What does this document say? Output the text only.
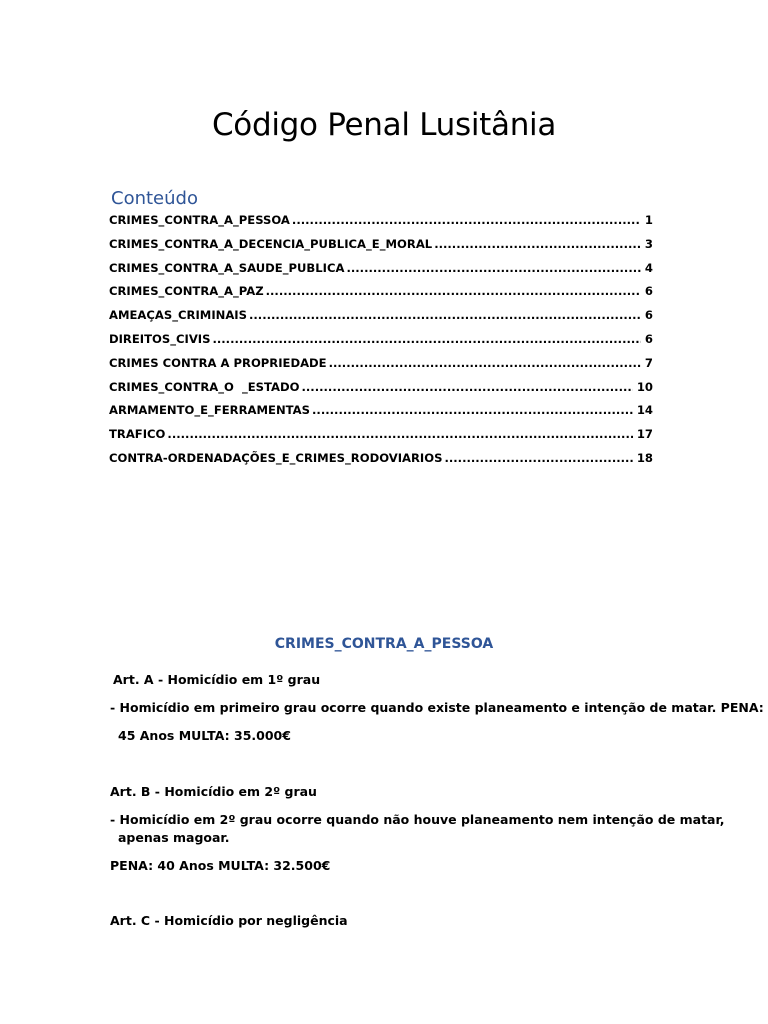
Código Penal Lusitânia
Conteúdo
CRIMES_CONTRA_A_PESSOA .....	1
CRIMES_CONTRA_A_DECENCIA_PUBLICA_E_MORAL .....	3
CRIMES_CONTRA_A_SAUDE_PUBLICA .....	4
CRIMES_CONTRA_A_PAZ .....	6
AMEAÇAS_CRIMINAIS .....	6
DIREITOS_CIVIS .....	6
CRIMES CONTRA A PROPRIEDADE .....	7
CRIMES_CONTRA_O  _ESTADO .....	10
ARMAMENTO_E_FERRAMENTAS .....	14
TRAFICO .....	17
CONTRA-ORDENADAÇÕES_E_CRIMES_RODOVIARIOS .....	18
CRIMES_CONTRA_A_PESSOA
Art. A - Homicídio em 1º grau
- Homicídio em primeiro grau ocorre quando existe planeamento e intenção de matar. PENA:
45 Anos MULTA: 35.000€
Art. B - Homicídio em 2º grau
- Homicídio em 2º grau ocorre quando não houve planeamento nem intenção de matar,
apenas magoar.
PENA: 40 Anos MULTA: 32.500€
Art. C - Homicídio por negligência
